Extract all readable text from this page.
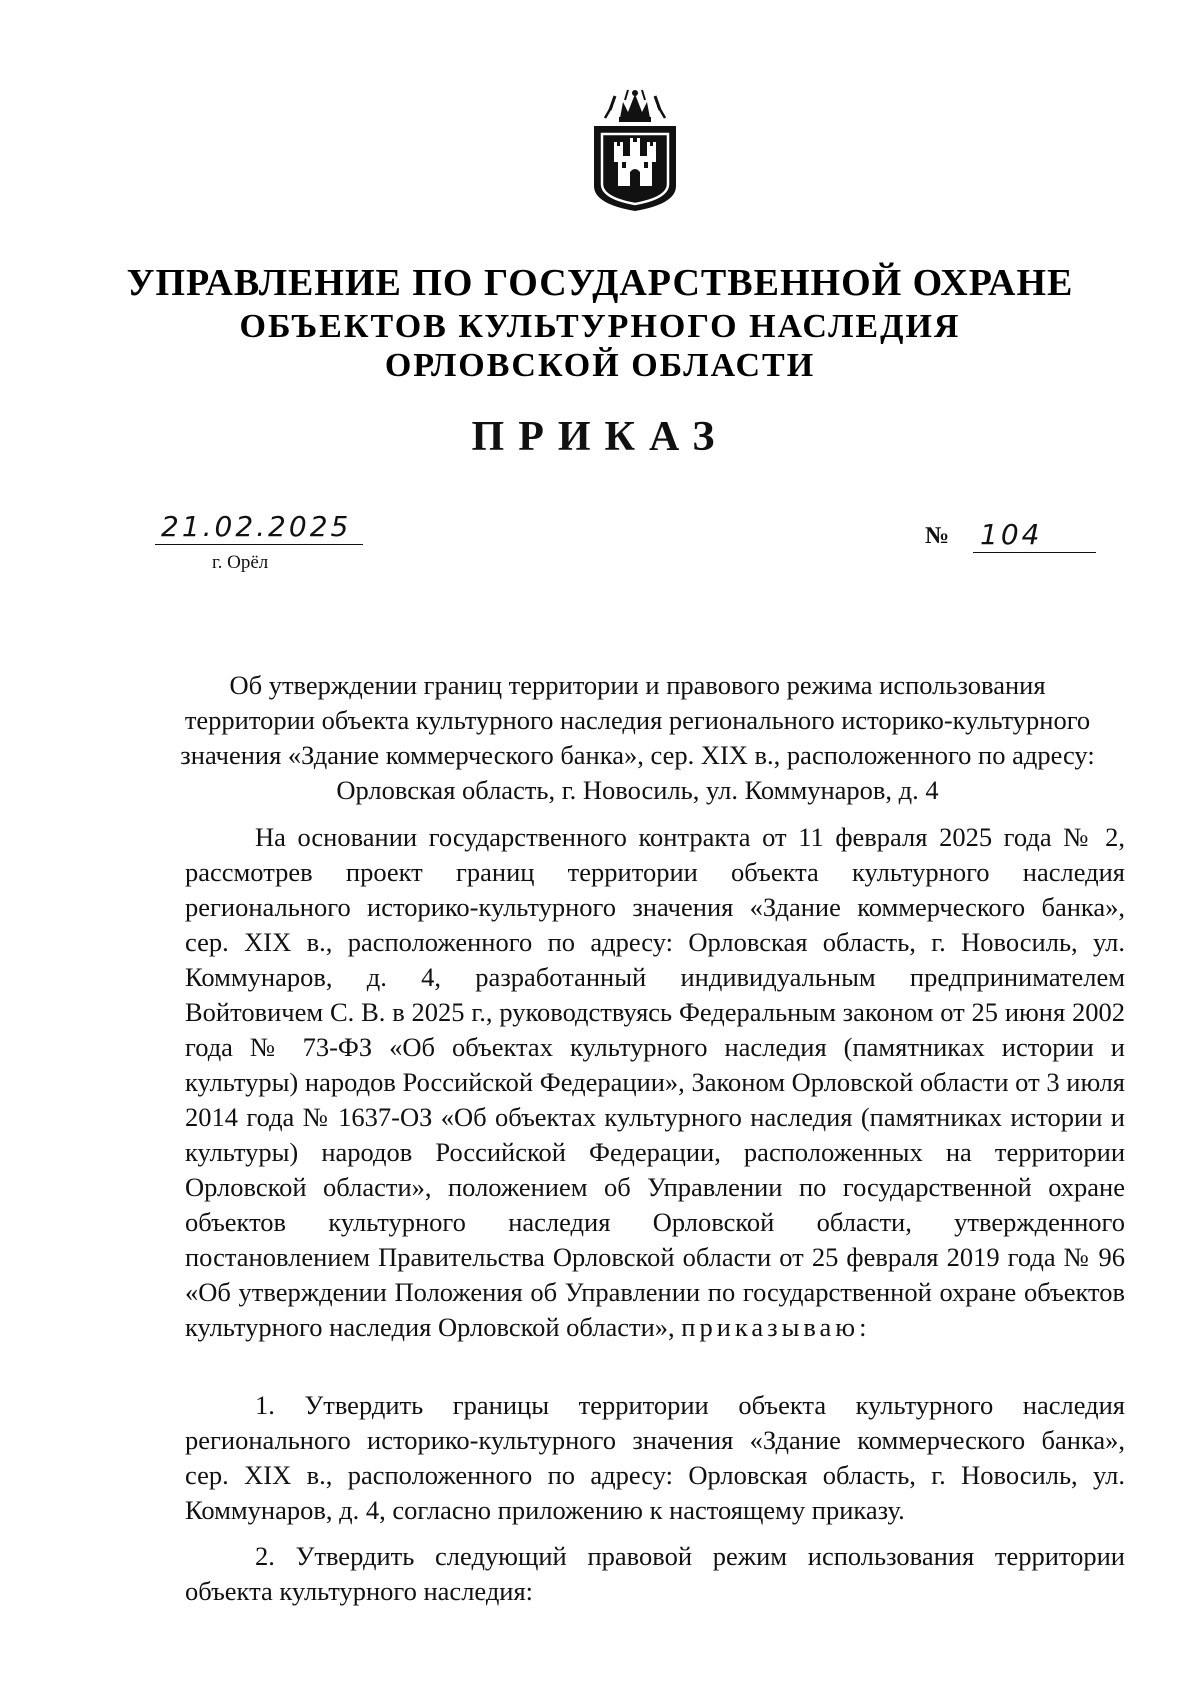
УПРАВЛЕНИЕ ПО ГОСУДАРСТВЕННОЙ ОХРАНЕ
ОБЪЕКТОВ КУЛЬТУРНОГО НАСЛЕДИЯ
ОРЛОВСКОЙ ОБЛАСТИ
ПРИКАЗ
21.02.2025
г. Орёл
№ 104
Об утверждении границ территории и правового режима использования
территории объекта культурного наследия регионального историко-культурного
значения «Здание коммерческого банка», сер. XIX в., расположенного по адресу:
Орловская область, г. Новосиль, ул. Коммунаров, д. 4
На основании государственного контракта от 11 февраля 2025 года № 2, рассмотрев проект границ территории объекта культурного наследия регионального историко-культурного значения «Здание коммерческого банка», сер. XIX в., расположенного по адресу: Орловская область, г. Новосиль, ул. Коммунаров, д. 4, разработанный индивидуальным предпринимателем Войтовичем С. В. в 2025 г., руководствуясь Федеральным законом от 25 июня 2002 года № 73-ФЗ «Об объектах культурного наследия (памятниках истории и культуры) народов Российской Федерации», Законом Орловской области от 3 июля 2014 года № 1637-ОЗ «Об объектах культурного наследия (памятниках истории и культуры) народов Российской Федерации, расположенных на территории Орловской области», положением об Управлении по государственной охране объектов культурного наследия Орловской области, утвержденного постановлением Правительства Орловской области от 25 февраля 2019 года № 96 «Об утверждении Положения об Управлении по государственной охране объектов культурного наследия Орловской области», приказываю:
1. Утвердить границы территории объекта культурного наследия регионального историко-культурного значения «Здание коммерческого банка», сер. XIX в., расположенного по адресу: Орловская область, г. Новосиль, ул. Коммунаров, д. 4, согласно приложению к настоящему приказу.
2. Утвердить следующий правовой режим использования территории объекта культурного наследия:
